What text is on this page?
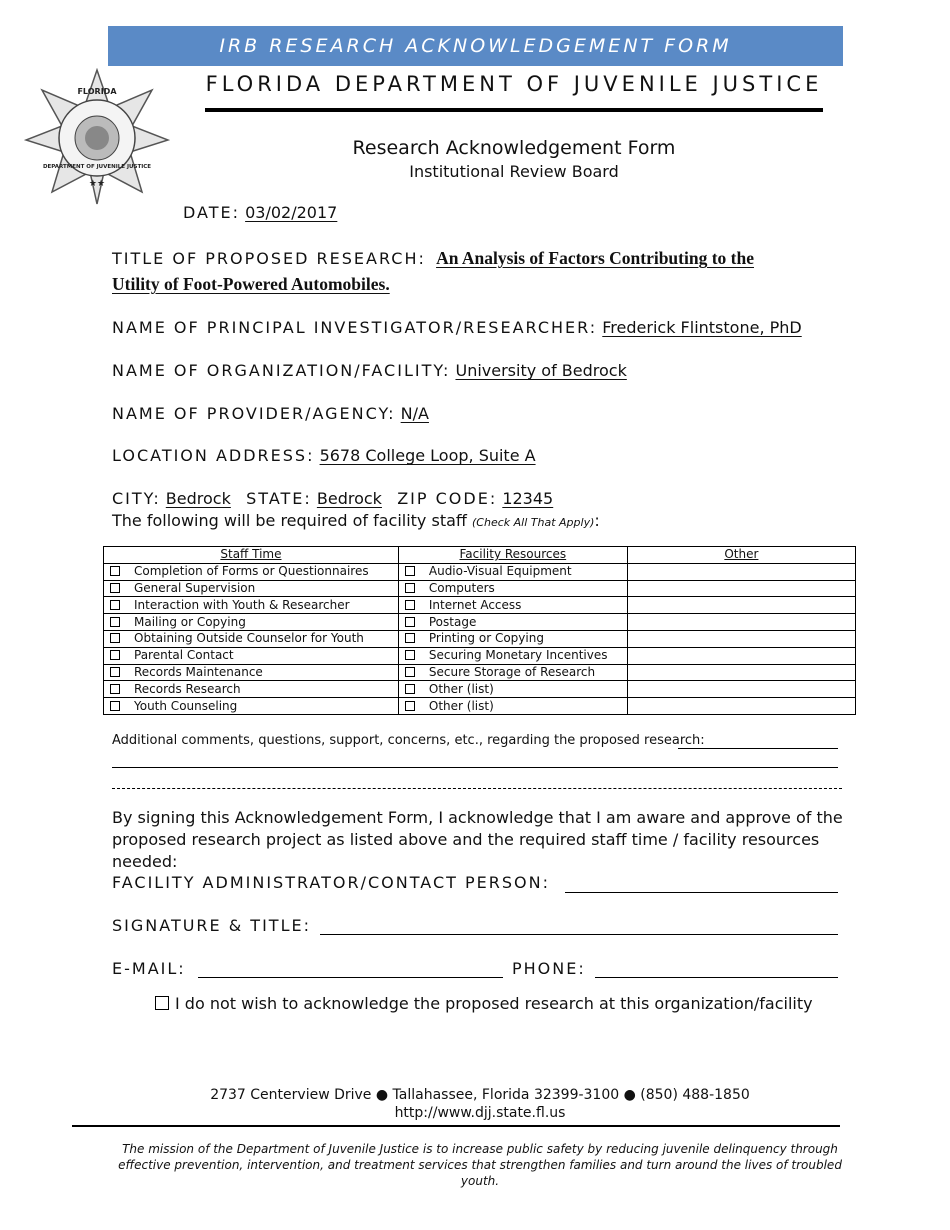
IRB RESEARCH ACKNOWLEDGEMENT FORM
FLORIDA
DEPARTMENT OF JUVENILE JUSTICE
★★
FLORIDA DEPARTMENT OF JUVENILE JUSTICE
Research Acknowledgement Form
Institutional Review Board
DATE: 03/02/2017
TITLE OF PROPOSED RESEARCH: An Analysis of Factors Contributing to the
Utility of Foot-Powered Automobiles.
NAME OF PRINCIPAL INVESTIGATOR/RESEARCHER: Frederick Flintstone, PhD
NAME OF ORGANIZATION/FACILITY: University of Bedrock
NAME OF PROVIDER/AGENCY: N/A
LOCATION ADDRESS: 5678 College Loop, Suite A
CITY: Bedrock STATE: Bedrock ZIP CODE: 12345
The following will be required of facility staff (Check All That Apply):
Staff Time	Facility Resources	Other
Completion of Forms or Questionnaires	Audio-Visual Equipment	
General Supervision	Computers	
Interaction with Youth & Researcher	Internet Access	
Mailing or Copying	Postage	
Obtaining Outside Counselor for Youth	Printing or Copying	
Parental Contact	Securing Monetary Incentives	
Records Maintenance	Secure Storage of Research	
Records Research	Other (list)	
Youth Counseling	Other (list)	
Additional comments, questions, support, concerns, etc., regarding the proposed research:
By signing this Acknowledgement Form, I acknowledge that I am aware and approve of the proposed research project as listed above and the required staff time / facility resources needed:
FACILITY ADMINISTRATOR/CONTACT PERSON:
SIGNATURE & TITLE:
E-MAIL:	PHONE:
I do not wish to acknowledge the proposed research at this organization/facility
2737 Centerview Drive ● Tallahassee, Florida 32399-3100 ● (850) 488-1850
http://www.djj.state.fl.us
The mission of the Department of Juvenile Justice is to increase public safety by reducing juvenile delinquency through effective prevention, intervention, and treatment services that strengthen families and turn around the lives of troubled youth.
